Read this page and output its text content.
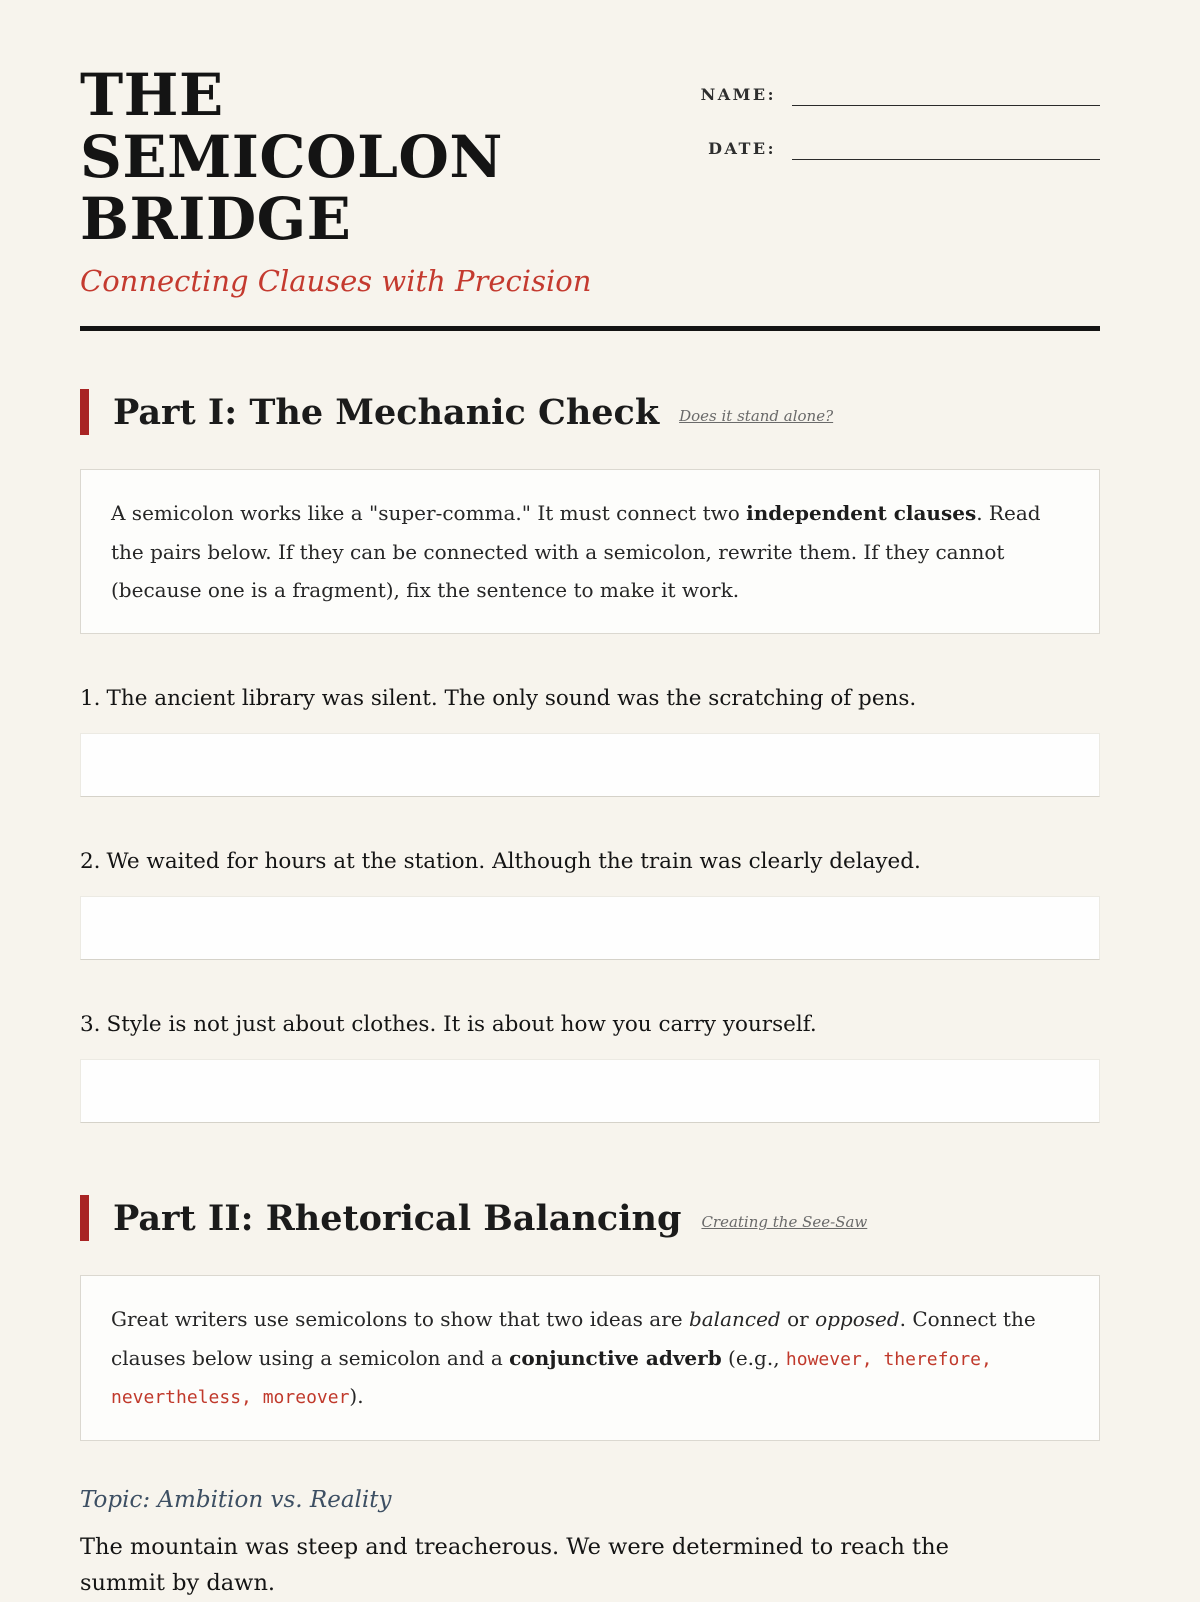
THE SEMICOLON BRIDGE

Connecting Clauses with Precision

NAME:
DATE:
Part I: The Mechanic Check Does it stand alone?

A semicolon works like a "super-comma." It must connect two independent clauses. Read the pairs below. If they can be connected with a semicolon, rewrite them. If they cannot (because one is a fragment), fix the sentence to make it work.

1. The ancient library was silent. The only sound was the scratching of pens.

2. We waited for hours at the station. Although the train was clearly delayed.

3. Style is not just about clothes. It is about how you carry yourself.

Part II: Rhetorical Balancing Creating the See-Saw

Great writers use semicolons to show that two ideas are balanced or opposed. Connect the clauses below using a semicolon and a conjunctive adverb (e.g., however, therefore, nevertheless, moreover).

Topic: Ambition vs. Reality

The mountain was steep and treacherous. We were determined to reach the summit by dawn.
